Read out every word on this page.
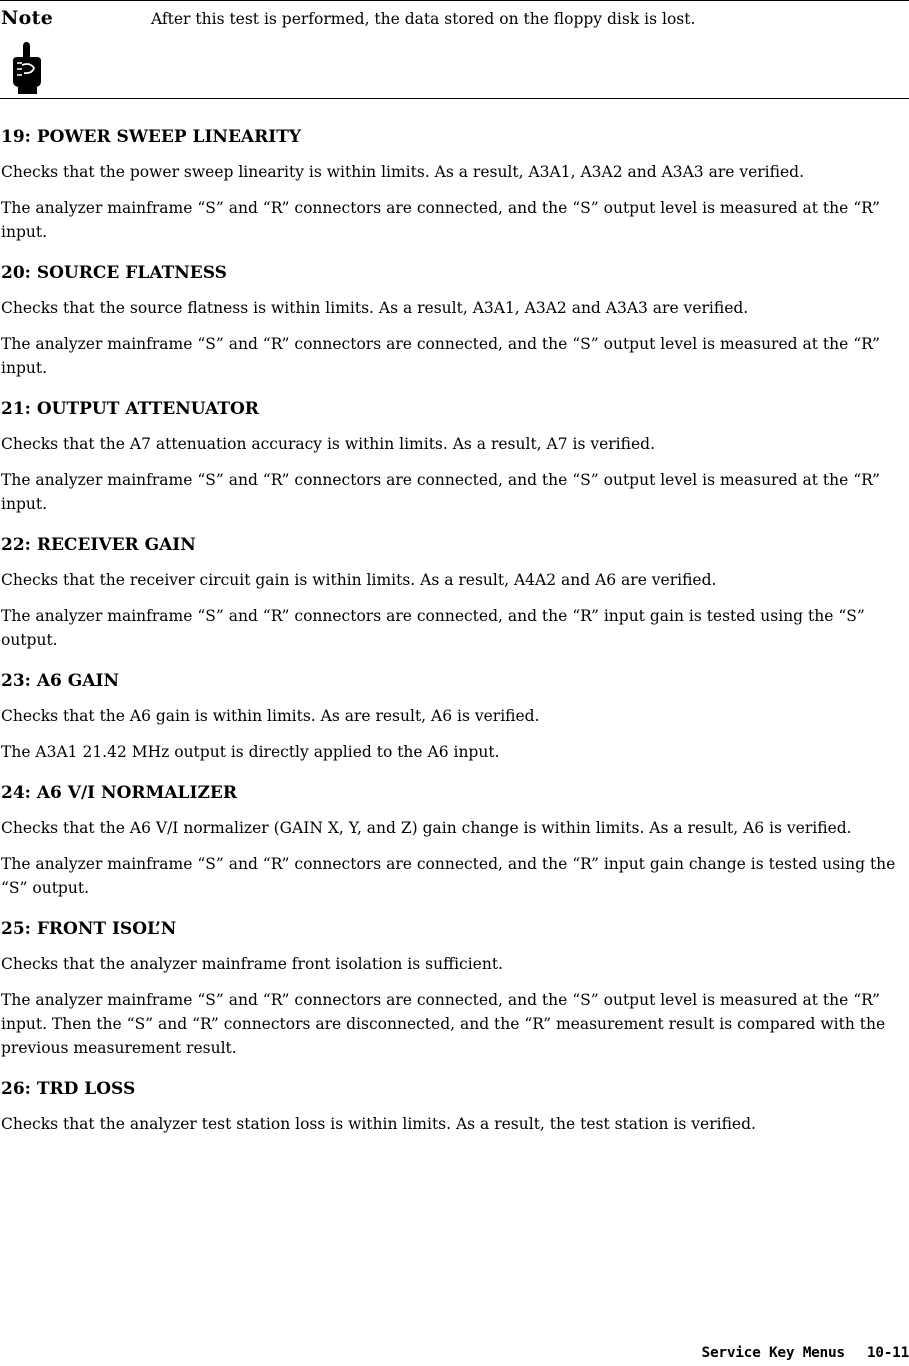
Note	After this test is performed, the data stored on the floppy disk is lost.

19: POWER SWEEP LINEARITY

Checks that the power sweep linearity is within limits. As a result, A3A1, A3A2 and A3A3 are verified.

The analyzer mainframe “S” and “R” connectors are connected, and the “S” output level is measured at the “R” input.

20: SOURCE FLATNESS

Checks that the source flatness is within limits. As a result, A3A1, A3A2 and A3A3 are verified.

The analyzer mainframe “S” and “R” connectors are connected, and the “S” output level is measured at the “R” input.

21: OUTPUT ATTENUATOR

Checks that the A7 attenuation accuracy is within limits. As a result, A7 is verified.

The analyzer mainframe “S” and “R” connectors are connected, and the “S” output level is measured at the “R” input.

22: RECEIVER GAIN

Checks that the receiver circuit gain is within limits. As a result, A4A2 and A6 are verified.

The analyzer mainframe “S” and “R” connectors are connected, and the “R” input gain is tested using the “S” output.

23: A6 GAIN

Checks that the A6 gain is within limits. As are result, A6 is verified.

The A3A1 21.42 MHz output is directly applied to the A6 input.

24: A6 V/I NORMALIZER

Checks that the A6 V/I normalizer (GAIN X, Y, and Z) gain change is within limits. As a result, A6 is verified.

The analyzer mainframe “S” and “R” connectors are connected, and the “R” input gain change is tested using the “S” output.

25: FRONT ISOL’N

Checks that the analyzer mainframe front isolation is sufficient.

The analyzer mainframe “S” and “R” connectors are connected, and the “S” output level is measured at the “R” input. Then the “S” and “R” connectors are disconnected, and the “R” measurement result is compared with the previous measurement result.

26: TRD LOSS

Checks that the analyzer test station loss is within limits. As a result, the test station is verified.

Service Key Menus 10-11
